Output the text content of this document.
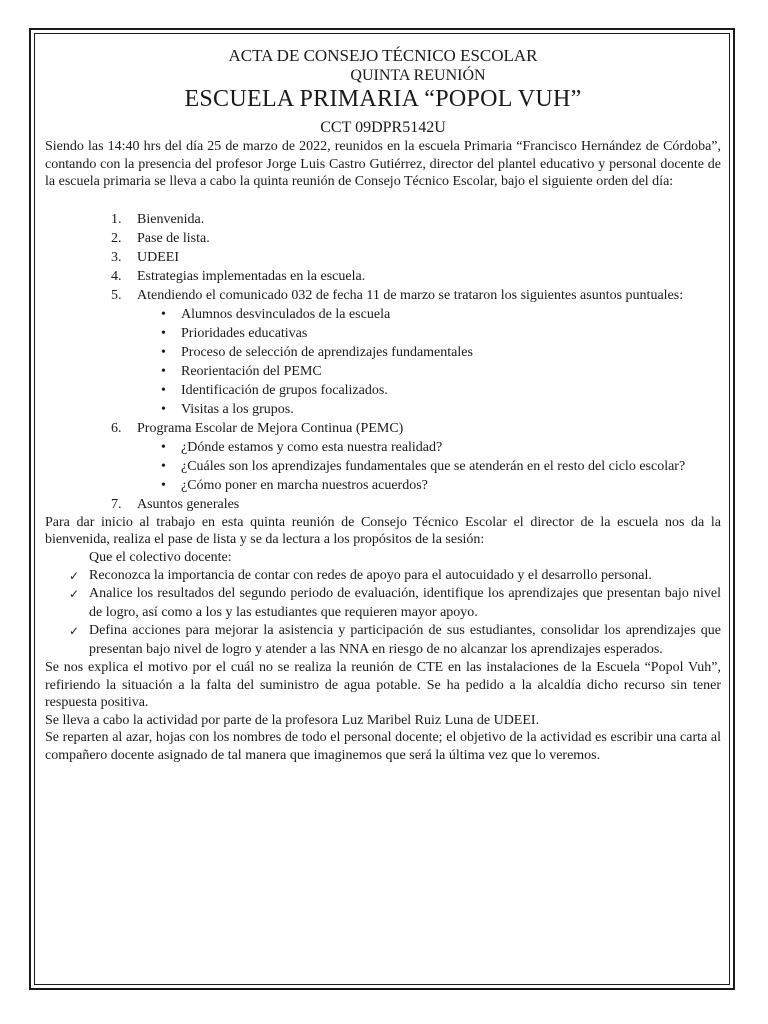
ACTA DE CONSEJO TÉCNICO ESCOLAR

QUINTA REUNIÓN

ESCUELA PRIMARIA “POPOL VUH”

CCT 09DPR5142U

Siendo las 14:40 hrs del día 25 de marzo de 2022, reunidos en la escuela Primaria “Francisco Hernández de Córdoba”, contando con la presencia del profesor Jorge Luis Castro Gutiérrez, director del plantel educativo y personal docente de la escuela primaria se lleva a cabo la quinta reunión de Consejo Técnico Escolar, bajo el siguiente orden del día:

1.	Bienvenida.
2.	Pase de lista.
3.	UDEEI
4.	Estrategias implementadas en la escuela.
5.	Atendiendo el comunicado 032 de fecha 11 de marzo se trataron los siguientes asuntos puntuales:
• Alumnos desvinculados de la escuela
• Prioridades educativas
• Proceso de selección de aprendizajes fundamentales
• Reorientación del PEMC
• Identificación de grupos focalizados.
• Visitas a los grupos.
6.	Programa Escolar de Mejora Continua (PEMC)
• ¿Dónde estamos y como esta nuestra realidad?
• ¿Cuáles son los aprendizajes fundamentales que se atenderán en el resto del ciclo escolar?
• ¿Cómo poner en marcha nuestros acuerdos?
7.	Asuntos generales

Para dar inicio al trabajo en esta quinta reunión de Consejo Técnico Escolar el director de la escuela nos da la bienvenida, realiza el pase de lista y se da lectura a los propósitos de la sesión:

Que el colectivo docente:

✓ Reconozca la importancia de contar con redes de apoyo para el autocuidado y el desarrollo personal.
✓ Analice los resultados del segundo periodo de evaluación, identifique los aprendizajes que presentan bajo nivel de logro, así como a los y las estudiantes que requieren mayor apoyo.
✓ Defina acciones para mejorar la asistencia y participación de sus estudiantes, consolidar los aprendizajes que presentan bajo nivel de logro y atender a las NNA en riesgo de no alcanzar los aprendizajes esperados.

Se nos explica el motivo por el cuál no se realiza la reunión de CTE en las instalaciones de la Escuela “Popol Vuh”, refiriendo la situación a la falta del suministro de agua potable. Se ha pedido a la alcaldía dicho recurso sin tener respuesta positiva.

Se lleva a cabo la actividad por parte de la profesora Luz Maribel Ruiz Luna de UDEEI.

Se reparten al azar, hojas con los nombres de todo el personal docente; el objetivo de la actividad es escribir una carta al compañero docente asignado de tal manera que imaginemos que será la última vez que lo veremos.
